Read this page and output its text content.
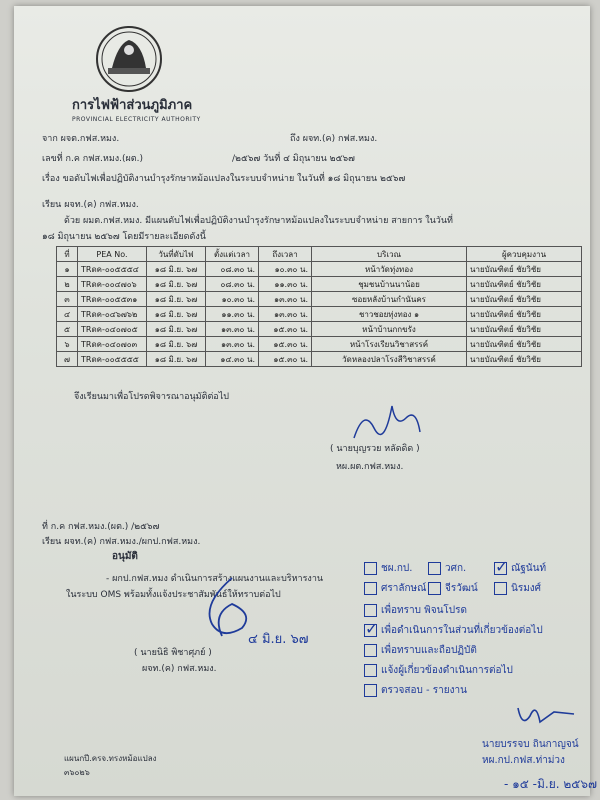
การไฟฟ้าส่วนภูมิภาค
PROVINCIAL ELECTRICITY AUTHORITY
จาก ผจต.กฟส.หมง.	ถึง ผจท.(ค) กฟส.หมง.
เลขที่ ก.ค กฟส.หมง.(ผต.)	/๒๕๖๗ วันที่ ๔ มิถุนายน ๒๕๖๗
เรื่อง ขอดับไฟเพื่อปฏิบัติงานบำรุงรักษาหม้อแปลงในระบบจำหน่าย ในวันที่ ๑๘ มิถุนายน ๒๕๖๗
เรียน ผจท.(ค) กฟส.หมง.
ด้วย ผมต.กฟส.หมง. มีแผนดับไฟเพื่อปฏิบัติงานบำรุงรักษาหม้อแปลงในระบบจำหน่าย สายการ ในวันที่
๑๘ มิถุนายน ๒๕๖๗ โดยมีรายละเอียดดังนี้
ที่	PEA No.	วันที่ดับไฟ	ตั้งแต่เวลา	ถึงเวลา	บริเวณ	ผู้ควบคุมงาน
๑	TRดค-๐๐๕๕๕๔	๑๘ มิ.ย. ๖๗	๐๘.๓๐ น.	๑๐.๓๐ น.	หน้าวัดทุ่งทอง	นายบัณฑิตย์ ชัยวิชัย
๒	TRดค-๐๐๔๗๐๖	๑๘ มิ.ย. ๖๗	๐๘.๓๐ น.	๑๑.๓๐ น.	ชุมชนบ้านนาน้อย	นายบัณฑิตย์ ชัยวิชัย
๓	TRดค-๐๐๕๕๓๑	๑๘ มิ.ย. ๖๗	๑๐.๓๐ น.	๑๓.๓๐ น.	ซอยหลังบ้านกำนันคร	นายบัณฑิตย์ ชัยวิชัย
๔	TRดค-๐๔๖๗๖๒	๑๘ มิ.ย. ๖๗	๑๑.๓๐ น.	๑๓.๓๐ น.	ชาวชอยทุ่งทอง ๑	นายบัณฑิตย์ ชัยวิชัย
๕	TRดค-๐๔๐๗๐๕	๑๘ มิ.ย. ๖๗	๑๓.๓๐ น.	๑๕.๓๐ น.	หน้าบ้านกกขรัง	นายบัณฑิตย์ ชัยวิชัย
๖	TRดค-๐๔๐๗๐๓	๑๘ มิ.ย. ๖๗	๑๓.๓๐ น.	๑๕.๓๐ น.	หน้าโรงเรียนวิชาสรรค์	นายบัณฑิตย์ ชัยวิชัย
๗	TRดค-๐๐๕๕๕๕	๑๘ มิ.ย. ๖๗	๑๔.๓๐ น.	๑๕.๓๐ น.	วัดหลองปลาโรงสีวิชาสรรค์	นายบัณฑิตย์ ชัยวิชัย
จึงเรียนมาเพื่อโปรดพิจารณาอนุมัติต่อไป
( นายบุญรวย หลัดดิด )
หผ.ผต.กฟส.หมง.
ที่ ก.ค กฟส.หมง.(ผต.) /๒๕๖๗
เรียน ผจท.(ค) กฟส.หมง./ผกป.กฟส.หมง.
อนุมัติ
- ผกป.กฟส.หมง ดำเนินการสร้างแผนงานและบริหารงาน
ในระบบ OMS พร้อมทั้งแจ้งประชาสัมพันธ์ให้ทราบต่อไป
๔ มิ.ย. ๖๗
( นายนิธิ พิชาศุภย์ )
ผจท.(ค) กฟส.หมง.
ชผ.กป.	วศก. ✓	ณัฐนันท์
ศราลักษณ์	จีรวัฒน์	นิรมงศ์
เพื่อทราบ พิจนโปรด
✓เพื่อดำเนินการในส่วนที่เกี่ยวข้องต่อไป
เพื่อทราบและถือปฏิบัติ
แจ้งผู้เกี่ยวข้องดำเนินการต่อไป
ตรวจสอบ - รายงาน
นายบรรจบ ถินกาญจน์
หผ.กป.กฟส.ท่าม่วง
- ๑๕ -มิ.ย. ๒๕๖๗
แผนกปี.ครจ.ทรงหม้อแปลง
๓๖๐๒๖
